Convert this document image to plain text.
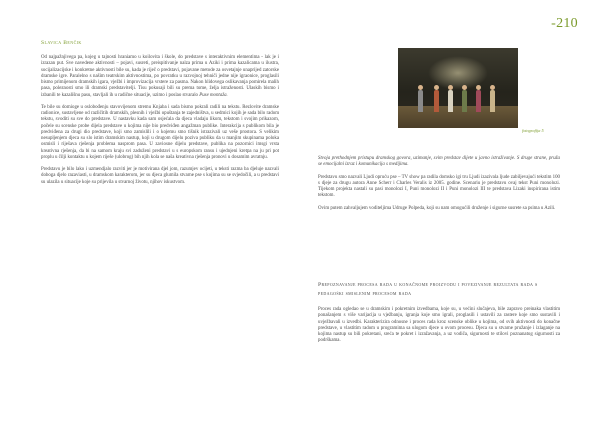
-210
Slavica Benčik

Od najpažnjivega pa, kojeg u tajnosti hraniamo u koilovita i škole, do predstave s interaktivnim elementima - lak je i izrazan put. Sve navedene aktivnosti – pojavi, susreti, preispitivanje nalza prima u Aziki i prima kazalicama u ilustra, socijalizacijske i konkretne aktivnosti bile su, kada je riječ o predstavi, pojavane metode za osvetajnje unaprijed zatorske dramske igre. Paralelno s našim teatrskim aktivnostima, po povratku u razvojnoj tehniči jedne nije igraonice, proglasili bismo primijenom dramskih igara, vježbi i improvizacija vrstere za pasma. Nakon hlidovega oslikavanja pomirela malih pasa, poleznosti smo ili dramski predstavitelji. Tisu pokusaji bili su prema tome, želja istraženosti. Ulaskih bismo i izbanili te kazališnu pasu, stavljali ih u radične situacije, uzimo i poslao stvaralo Puse montaža.

Te bile su domioge u oslobođenju stavovijenom stremu Knjaba i sada bismo pokrali radili na tekstu. Rezlovite dramske radionice, sustavljene od različitih dramskih, plesnih i vježbi opuštanja te zajedništva, u sedmici kojih je sada bilo radom tekstu, svoditi su sve do predstave. U nastavku kada sam osjećala da djeca vladaju likom, tekstom i svojim prikazom, počele su scenske probe dijela predstave u kojima nije bio predviđen angažman publike. Interakcija s publikom bila je predviđena za drugi dio predstave, koji smo zamislili i o kojemu smo tišnik istrazivali uz veše prostora. S velikim nesupljenjem djeca su slo istim dramskim nastup, koji u drugom dijelu poziva publiku da u manjim skupinama poloka osmisli i riješava rješenja problema nasprom pasa. U zaviosne dijelu predstave, publika na pozornici imsgi vrsta kreativna rješenja, da bi na samom kraju svi zaduženi predstavi u s europskom ransu i ujednjeni kretpa na ju pri pot proplu u čilji kontaktu u kojem riješe (ulobrog) bih njih kola se naša kreativna rješenja pronovi u dosamim avratnju.

Predstavu je bilo lako i uzmendjalo razviti jer je motivirana djel jom, razumjev ocijeti, u teksti razma ba djeluje nazvali doboga djelo razaviasti, u dramskom karakterom, jer su djeca glumila stvarne pse s kojima su se svjedočili, a u predstavi su ulazila u situacije koje su prijevila u stvarnoj životu, njihov iskustvom.

fotografija 5

Stvoja prethodnjem pristupu dramskog govora, uzimanje, svim predstav dijete u javno istraživanje. S druge strane, pruža se emocijalni izraz i komunikacija s medijima.

Predstavu smo nazvali Ljudi opruću pse – TV show pa radila domsko igi tru Ljudi izazivala ljude zabiljevajući tekstim 100 s djeje za drugu autora Anne Scherr i Charles Veralis iz 2005. godine. Scenariu je predstavu ovaj tekst Puni monolozi. Tijekom projekta nastali su pasi monolozi I, Puni monolozi II i Puni monolozi III te predstava Lizaki inspirirana istim tekstom.

Ovim putem zahvaljujem voditeljima Udruge Polpeda, koji su nam omogućili druženje i sigurne susrete sa psima u Azili.

Prepoznavanje procesa rada u konačnome proizvodu i povezivanje rezultata rada s pedagoški smislenim procesom rada

Proces rada ogledao se u dramskim i pokretnim izvedbama, koje su, u većini slučajeva, bile zapravo preinaka vlastitim ponašanjem s više varijacija u vježbanju, igranja koje smo igrali, proglasili i ustavili za rastere koje smo sustavili i uvježbavali u izvedbi. Karakterizira odnosne i proces rada kroz scenske oblike u kojima, od svih aktivnosti do konačne predstave, u vlastitim radom u programima sa ulogom djece u ovom procesu. Djeca su u stvarne pružanje i izlaganje na kojima nastup su bili pokretani, sreća te pokret i izražavanja, a uz vodiča, sigurnosti te stilovi poznanatog sigurnosti za podrškama.
